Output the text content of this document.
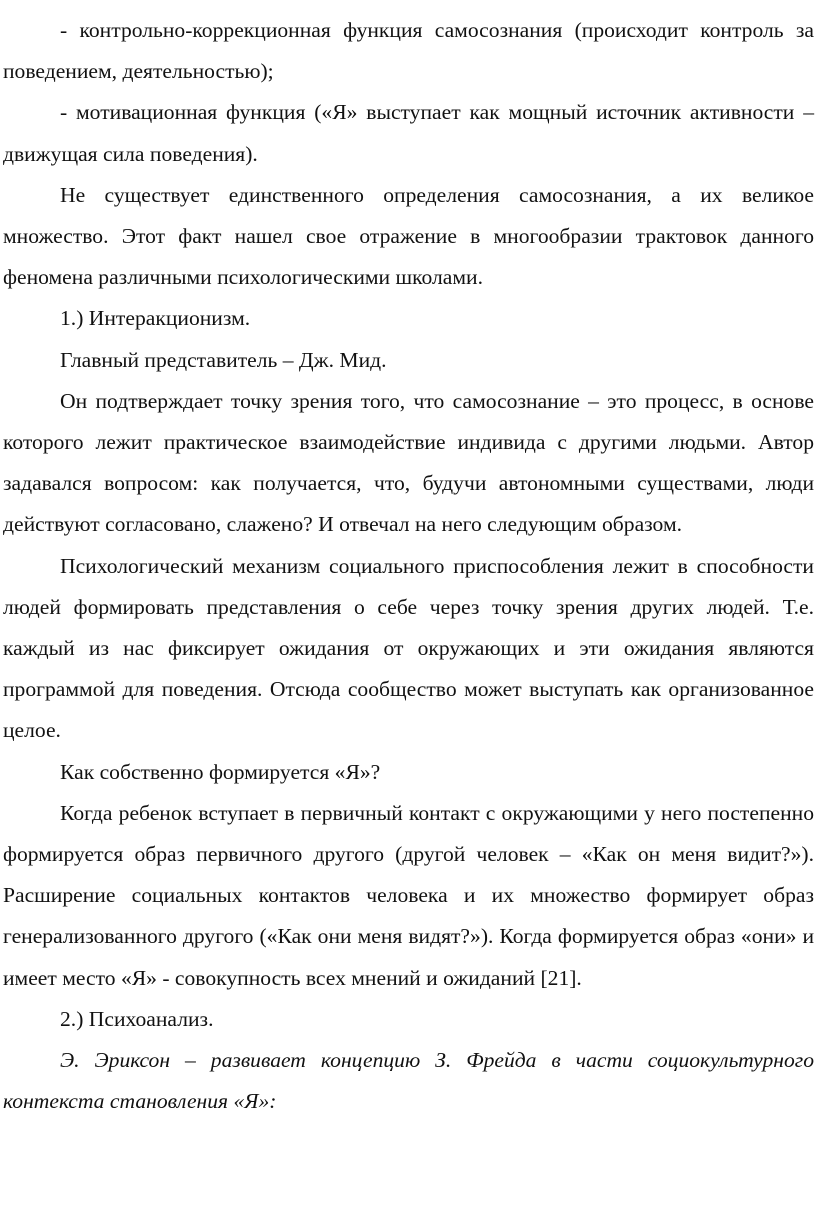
- контрольно-коррекционная функция самосознания (происходит контроль за поведением, деятельностью);

- мотивационная функция («Я» выступает как мощный источник активности – движущая сила поведения).

Не существует единственного определения самосознания, а их великое множество. Этот факт нашел свое отражение в многообразии трактовок данного феномена различными психологическими школами.

1.) Интеракционизм.

Главный представитель – Дж. Мид.

Он подтверждает точку зрения того, что самосознание – это процесс, в основе которого лежит практическое взаимодействие индивида с другими людьми. Автор задавался вопросом: как получается, что, будучи автономными существами, люди действуют согласовано, слажено? И отвечал на него следующим образом.

Психологический механизм социального приспособления лежит в способности людей формировать представления о себе через точку зрения других людей. Т.е. каждый из нас фиксирует ожидания от окружающих и эти ожидания являются программой для поведения. Отсюда сообщество может выступать как организованное целое.

Как собственно формируется «Я»?

Когда ребенок вступает в первичный контакт с окружающими у него постепенно формируется образ первичного другого (другой человек – «Как он меня видит?»). Расширение социальных контактов человека и их множество формирует образ генерализованного другого («Как они меня видят?»). Когда формируется образ «они» и имеет место «Я» - совокупность всех мнений и ожиданий [21].

2.) Психоанализ.

Э. Эриксон – развивает концепцию З. Фрейда в части социокультурного контекста становления «Я»:
